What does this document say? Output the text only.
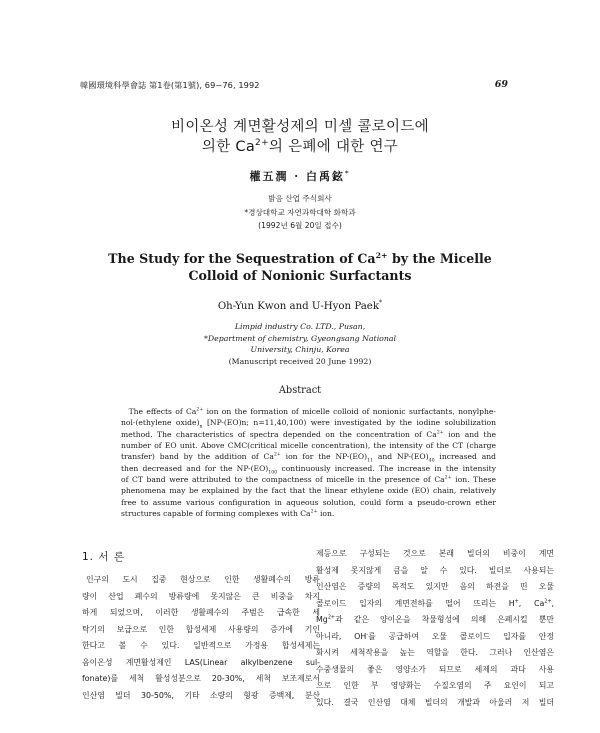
韓國環境科學會誌 第1卷(第1號), 69~76, 1992	69
비이온성 계면활성제의 미셀 콜로이드에
의한 $Ca^{2+}$의 은폐에 대한 연구
權五潤 · 白禹鉉*
밝음 산업 주식회사
*경상대학교 자연과학대학 화학과
(1992년 6월 20일 접수)
The Study for the Sequestration of $Ca^{2+}$ by the Micelle
Colloid of Nonionic Surfactants
Oh-Yun Kwon and U-Hyon Paek*
Limpid industry Co. LTD., Pusan,
*Department of chemistry, Gyeongsang National
University, Chinju, Korea
(Manuscript received 20 June 1992)
Abstract
 The effects of $Ca^{2+}$ ion on the formation of micelle colloid of nonionic surfactants, nonylphe-
nol-(ethylene $oxide)_n$ [NP-(EO)n; n=11,40,100) were investigated by the iodine solubilization
method. The characteristics of spectra depended on the concentration of $Ca^{2+}$ ion and the
number of EO unit. Above CMC(critical micelle concentration), the intensity of the CT (charge
transfer) band by the addition of $Ca^{2+}$ ion for the $NP-(EO)_{11}$ and $NP-(EO)_{40}$ increased and
then decreased and for the $NP-(EO)_{100}$ continuously increased. The increase in the intensity
of CT band were attributed to the compactness of micelle in the presence of $Ca^{2+}$ ion. These
phenomena may be explained by the fact that the linear ethylene oxide (EO) chain, relatively
free to assume various configuration in aqueous solution, could form a pseudo-crown ether
structures capable of forming complexes with $Ca^{2+}$ ion.
1. 서 론
 인구의 도시 집중 현상으로 인한 생활폐수의 방류
량이 산업 폐수의 방류량에 못지않은 큰 비중을 차지
하게 되었으며, 이러한 생활폐수의 주범은 급속한 세
탁기의 보급으로 인한 합성세제 사용량의 증가에 기인
한다고 볼 수 있다. 일반적으로 가정용 합성세제는
음이온성 계면활성제인 LAS(Linear alkylbenzene sul-
fonate)를 세척 활성성분으로 20-30%, 세척 보조제로서
인산염 빌더 30-50%, 기타 소량의 형광 증백제, 분산
제등으로 구성되는 것으로 본래 빌더의 비중이 계면
활성제 못지않게 큼을 알 수 있다. 빌더로 사용되는
인산염은 증량의 목적도 있지만 음의 하전을 띤 오물
콜로이드 입자의 계면전하를 떨어 뜨리는 H+, $Ca^{2+}$,
$Mg^{2+}$과 같은 양이온을 착물형성에 의해 은폐시킬 뿐만
아니라, OH-를 공급하여 오물 콜로이드 입자를 안정
화시켜 세척작용을 높는 역할을 한다. 그러나 인산염은
수중생물의 좋은 영양소가 되므로 세제의 과다 사용
으로 인한 부 영양화는 수질오염의 주 요인이 되고
있다. 결국 인산염 대체 빌더의 개발과 아울러 저 빌더
